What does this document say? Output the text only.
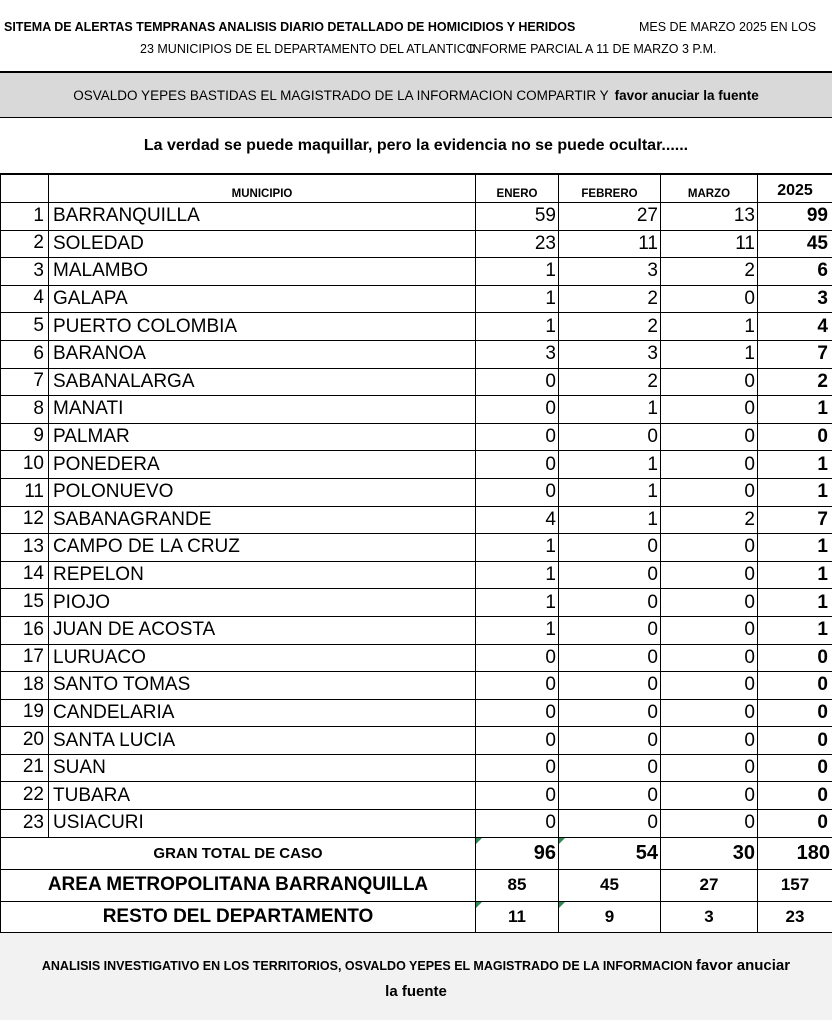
SITEMA DE ALERTAS TEMPRANAS ANALISIS DIARIO DETALLADO DE HOMICIDIOS Y HERIDOS	MES DE MARZO 2025 EN LOS
23 MUNICIPIOS DE EL DEPARTAMENTO DEL ATLANTICO
INFORME PARCIAL A 11 DE MARZO 3 P.M.
OSVALDO YEPES BASTIDAS EL MAGISTRADO DE LA INFORMACION COMPARTIR Y favor anuciar la fuente
La verdad se puede maquillar, pero la evidencia no se puede ocultar......
	MUNICIPIO	ENERO	FEBRERO	MARZO	2025
1	BARRANQUILLA	59	27	13	99
2	SOLEDAD	23	11	11	45
3	MALAMBO	1	3	2	6
4	GALAPA	1	2	0	3
5	PUERTO COLOMBIA	1	2	1	4
6	BARANOA	3	3	1	7
7	SABANALARGA	0	2	0	2
8	MANATI	0	1	0	1
9	PALMAR	0	0	0	0
10	PONEDERA	0	1	0	1
11	POLONUEVO	0	1	0	1
12	SABANAGRANDE	4	1	2	7
13	CAMPO DE LA CRUZ	1	0	0	1
14	REPELON	1	0	0	1
15	PIOJO	1	0	0	1
16	JUAN DE ACOSTA	1	0	0	1
17	LURUACO	0	0	0	0
18	SANTO TOMAS	0	0	0	0
19	CANDELARIA	0	0	0	0
20	SANTA LUCIA	0	0	0	0
21	SUAN	0	0	0	0
22	TUBARA	0	0	0	0
23	USIACURI	0	0	0	0
GRAN TOTAL DE CASO		96	54	30	180
AREA METROPOLITANA BARRANQUILLA		85	45	27	157
RESTO DEL DEPARTAMENTO		11	9	3	23
ANALISIS INVESTIGATIVO EN LOS TERRITORIOS, OSVALDO YEPES EL MAGISTRADO DE LA INFORMACION favor anuciar
la fuente
